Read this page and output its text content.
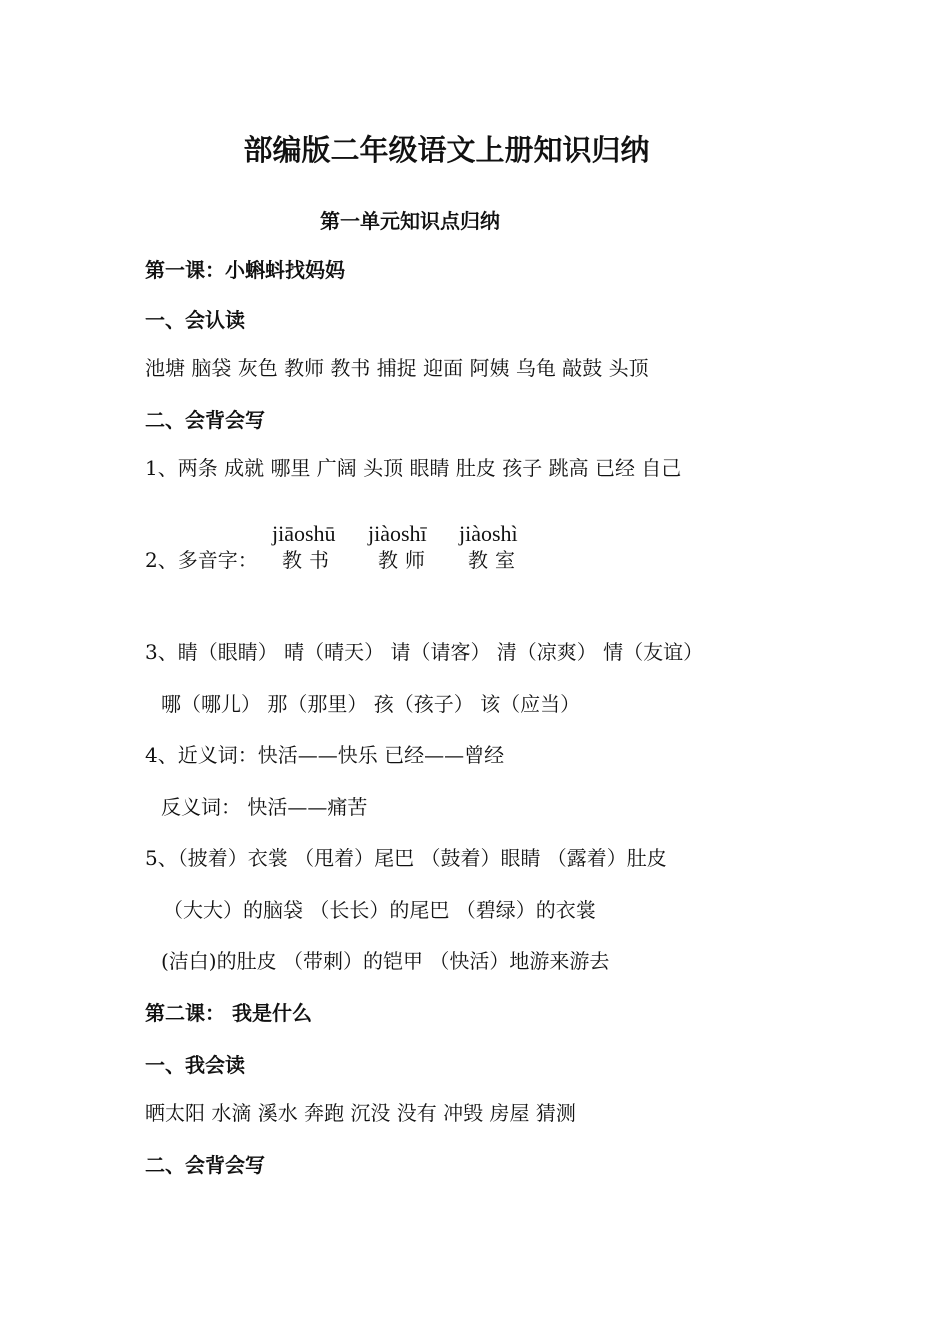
部编版二年级语文上册知识归纳
第一单元知识点归纳
第一课：小蝌蚪找妈妈
一、会认读
池塘 脑袋 灰色 教师 教书 捕捉 迎面 阿姨 乌龟 敲鼓 头顶
二、会背会写
1、两条 成就 哪里 广阔 头顶 眼睛 肚皮 孩子 跳高 已经 自己
2、多音字：
jiāoshū jiàoshī jiàoshì
教书 教师 教室
3、睛（眼睛） 晴（晴天） 请（请客） 清（凉爽） 情（友谊）
哪（哪儿） 那（那里） 孩（孩子） 该（应当）
4、近义词：快活——快乐 已经——曾经
反义词： 快活——痛苦
5、（披着）衣裳 （甩着）尾巴 （鼓着）眼睛 （露着）肚皮
（大大）的脑袋 （长长）的尾巴 （碧绿）的衣裳
(洁白)的肚皮 （带刺）的铠甲 （快活）地游来游去
第二课： 我是什么
一、我会读
晒太阳 水滴 溪水 奔跑 沉没 没有 冲毁 房屋 猜测
二、会背会写
